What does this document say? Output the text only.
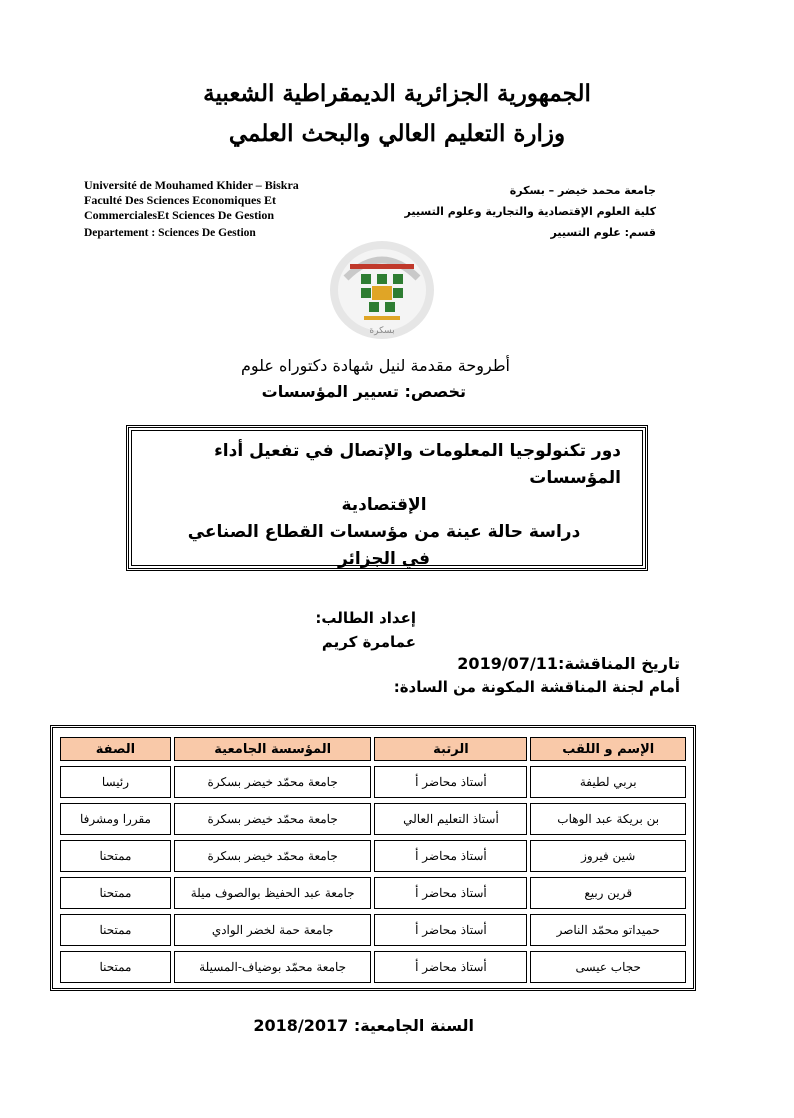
الجمهورية الجزائرية الديمقراطية الشعبية
وزارة التعليم العالي والبحث العلمي
Université de Mouhamed Khider – Biskra
Faculté Des Sciences Economiques Et
CommercialesEt Sciences De Gestion
Departement : Sciences De Gestion
جامعة محمد خيضر – بسكرة
كلية العلوم الإقتصادية والتجارية وعلوم التسيير
قسم: علوم التسيير
بسكرة
أطروحة مقدمة لنيل شهادة دكتوراه علوم
تخصص: تسيير المؤسسات
دور تكنولوجيا المعلومات والإتصال في تفعيل أداء المؤسسات
الإقتصادية
دراسة حالة عينة من مؤسسات القطاع الصناعي
في الجزائر
إعداد الطالب:
عمامرة كريم
تاريخ المناقشة:2019/07/11
أمام لجنة المناقشة المكونة من السادة:
الإسم و اللقب	الرتبة	المؤسسة الجامعية	الصفة
بربي لطيفة	أستاذ محاضر أ	جامعة محمّد خيضر بسكرة	رئيسا
بن بريكة عبد الوهاب	أستاذ التعليم العالي	جامعة محمّد خيضر بسكرة	مقررا ومشرفا
شين فيروز	أستاذ محاضر أ	جامعة محمّد خيضر بسكرة	ممتحنا
قرين ربيع	أستاذ محاضر أ	جامعة عبد الحفيظ بوالصوف ميلة	ممتحنا
حميداتو محمّد الناصر	أستاذ محاضر أ	جامعة حمة لخضر الوادي	ممتحنا
حجاب عيسى	أستاذ محاضر أ	جامعة محمّد بوضياف-المسيلة	ممتحنا
السنة الجامعية: 2018/2017
